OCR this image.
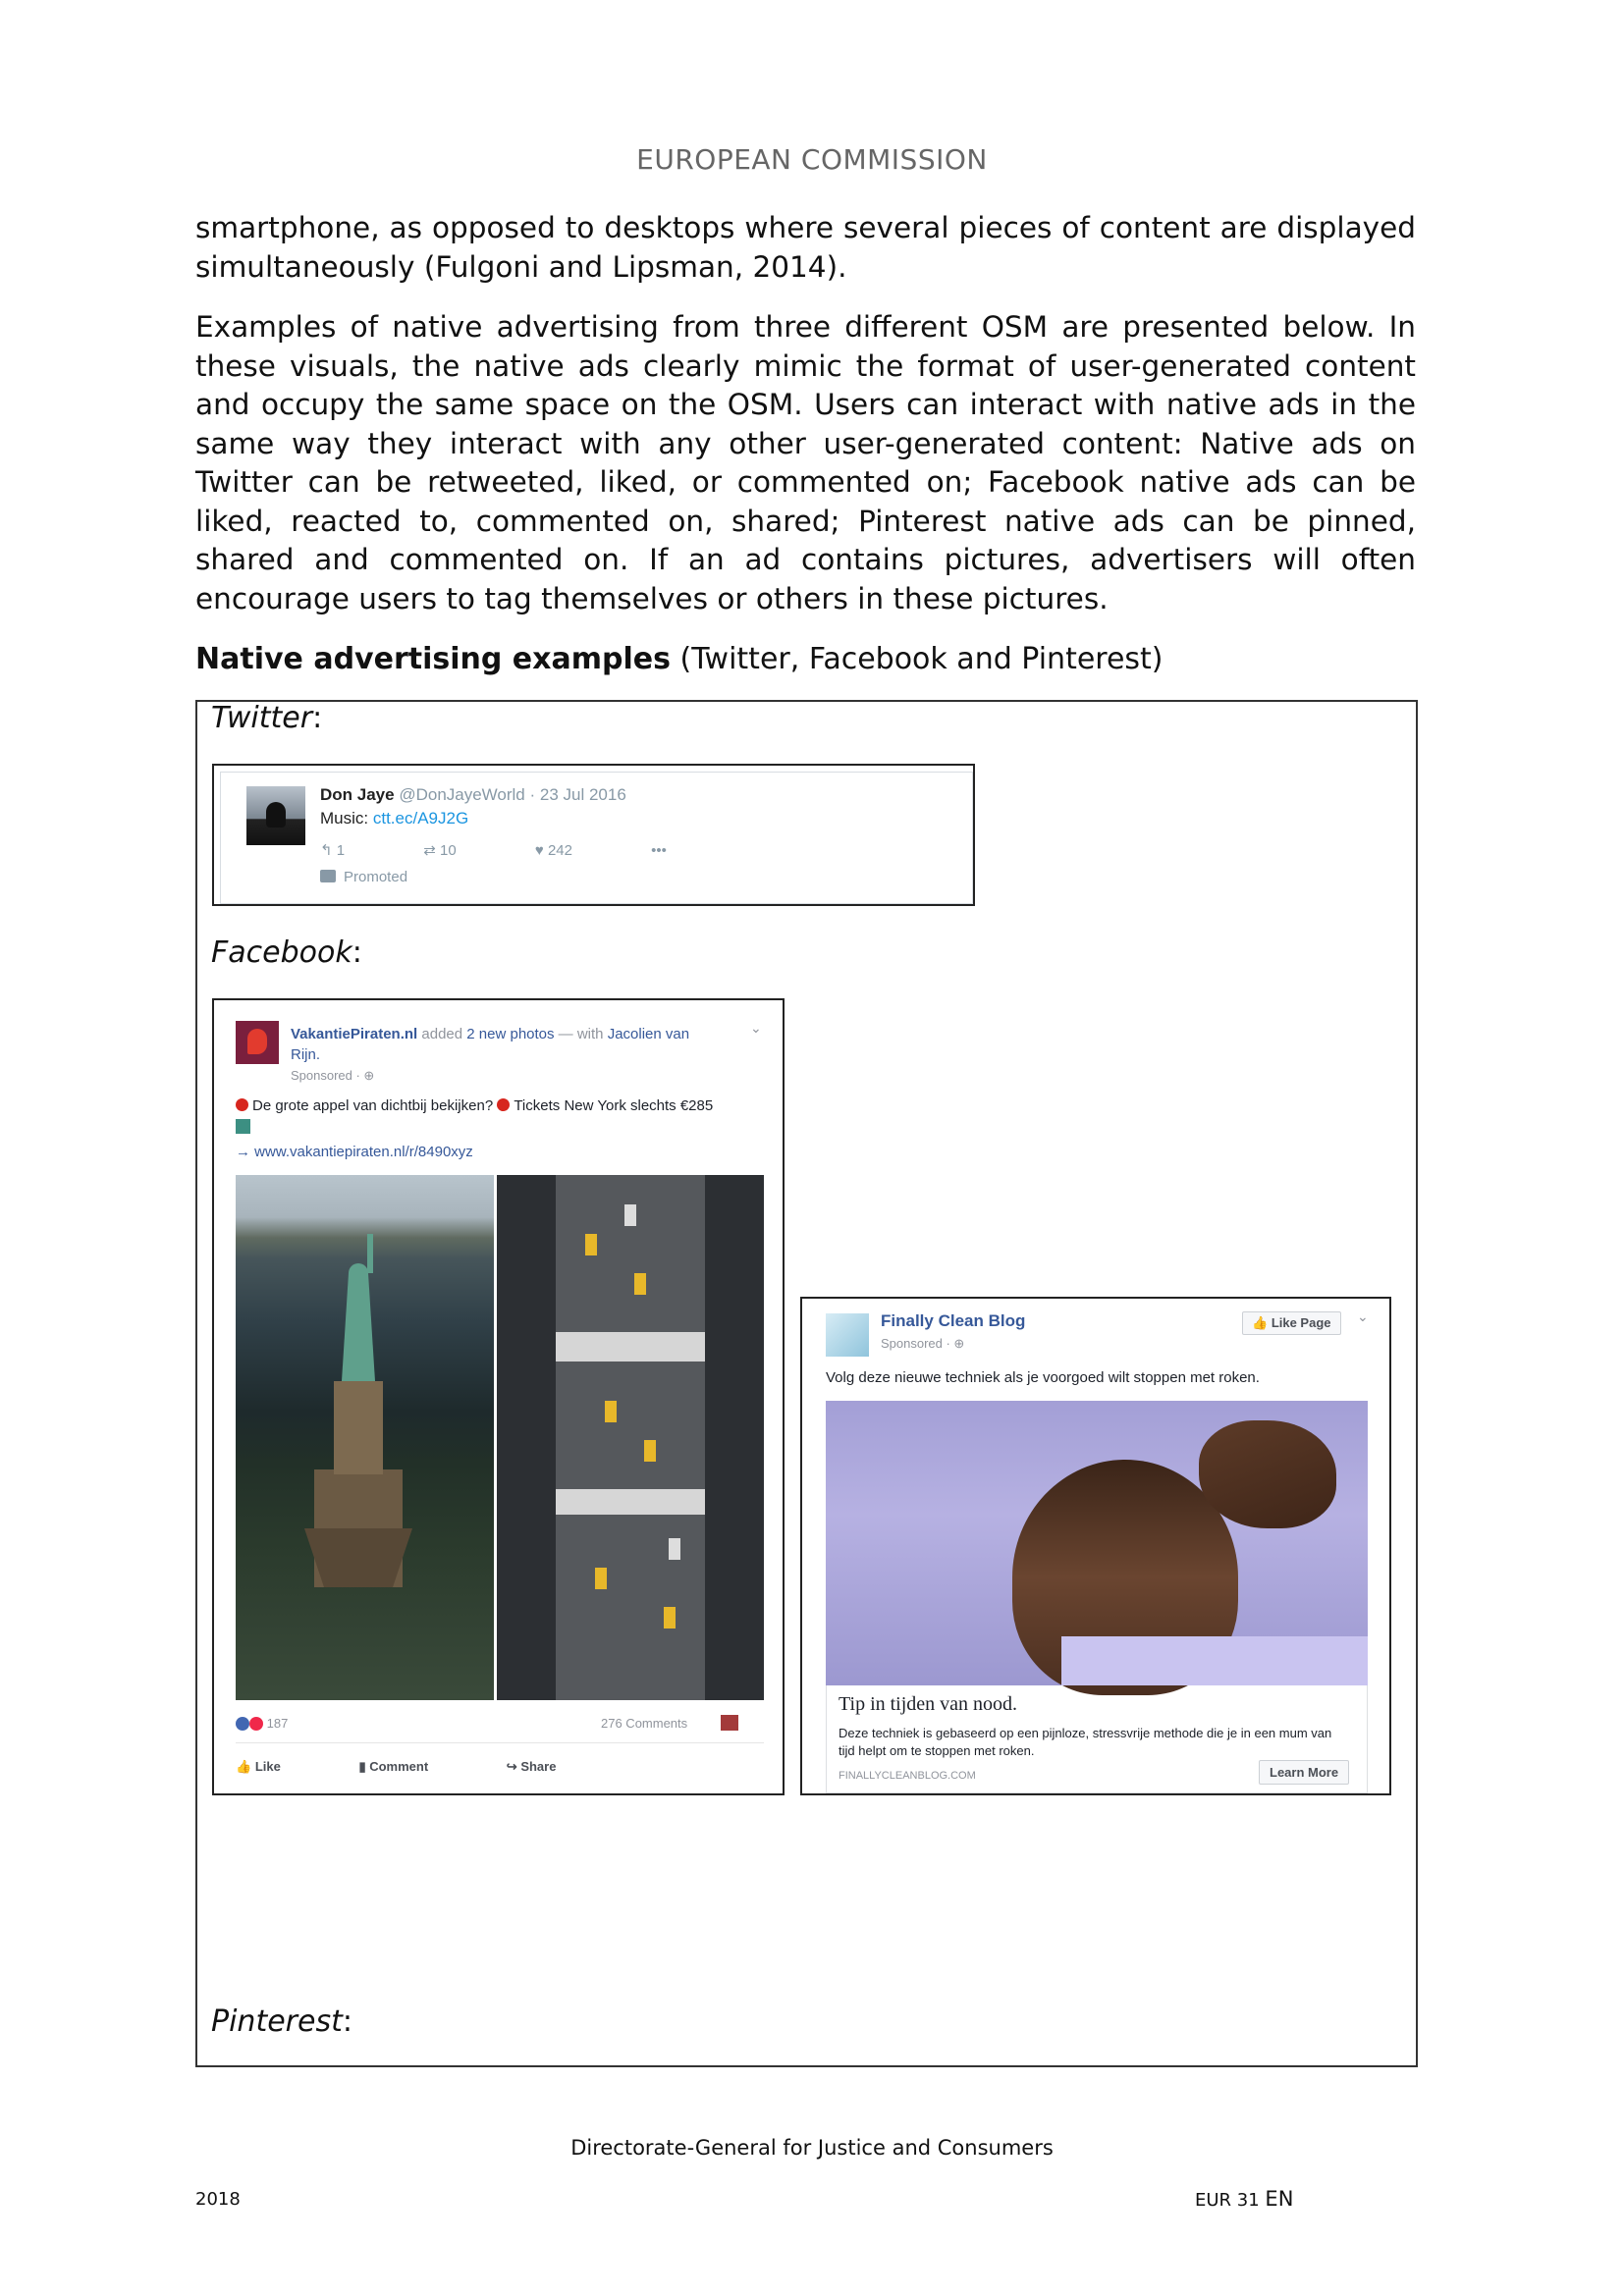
EUROPEAN COMMISSION
smartphone, as opposed to desktops where several pieces of content are displayed simultaneously (Fulgoni and Lipsman, 2014).
Examples of native advertising from three different OSM are presented below. In these visuals, the native ads clearly mimic the format of user-generated content and occupy the same space on the OSM. Users can interact with native ads in the same way they interact with any other user-generated content: Native ads on Twitter can be retweeted, liked, or commented on; Facebook native ads can be liked, reacted to, commented on, shared; Pinterest native ads can be pinned, shared and commented on. If an ad contains pictures, advertisers will often encourage users to tag themselves or others in these pictures.
Native advertising examples (Twitter, Facebook and Pinterest)
Twitter:
Don Jaye @DonJayeWorld · 23 Jul 2016
Music: ctt.ec/A9J2G
↰ 1	⇄ 10	♥ 242	•••
Promoted
Facebook:
VakantiePiraten.nl added 2 new photos — with Jacolien van Rijn.
⌄
Sponsored · ⊕
De grote appel van dichtbij bekijken? Tickets New York slechts €285
→ www.vakantiepiraten.nl/r/8490xyz
187	276 Comments
👍 Like	▮ Comment	↪ Share
Finally Clean Blog
Sponsored · ⊕
👍 Like Page	⌄
Volg deze nieuwe techniek als je voorgoed wilt stoppen met roken.
Tip in tijden van nood.
Deze techniek is gebaseerd op een pijnloze, stressvrije methode die je in een mum van tijd helpt om te stoppen met roken.
FINALLYCLEANBLOG.COM	Learn More
Pinterest:
Directorate-General for Justice and Consumers
2018	EUR 31 EN
